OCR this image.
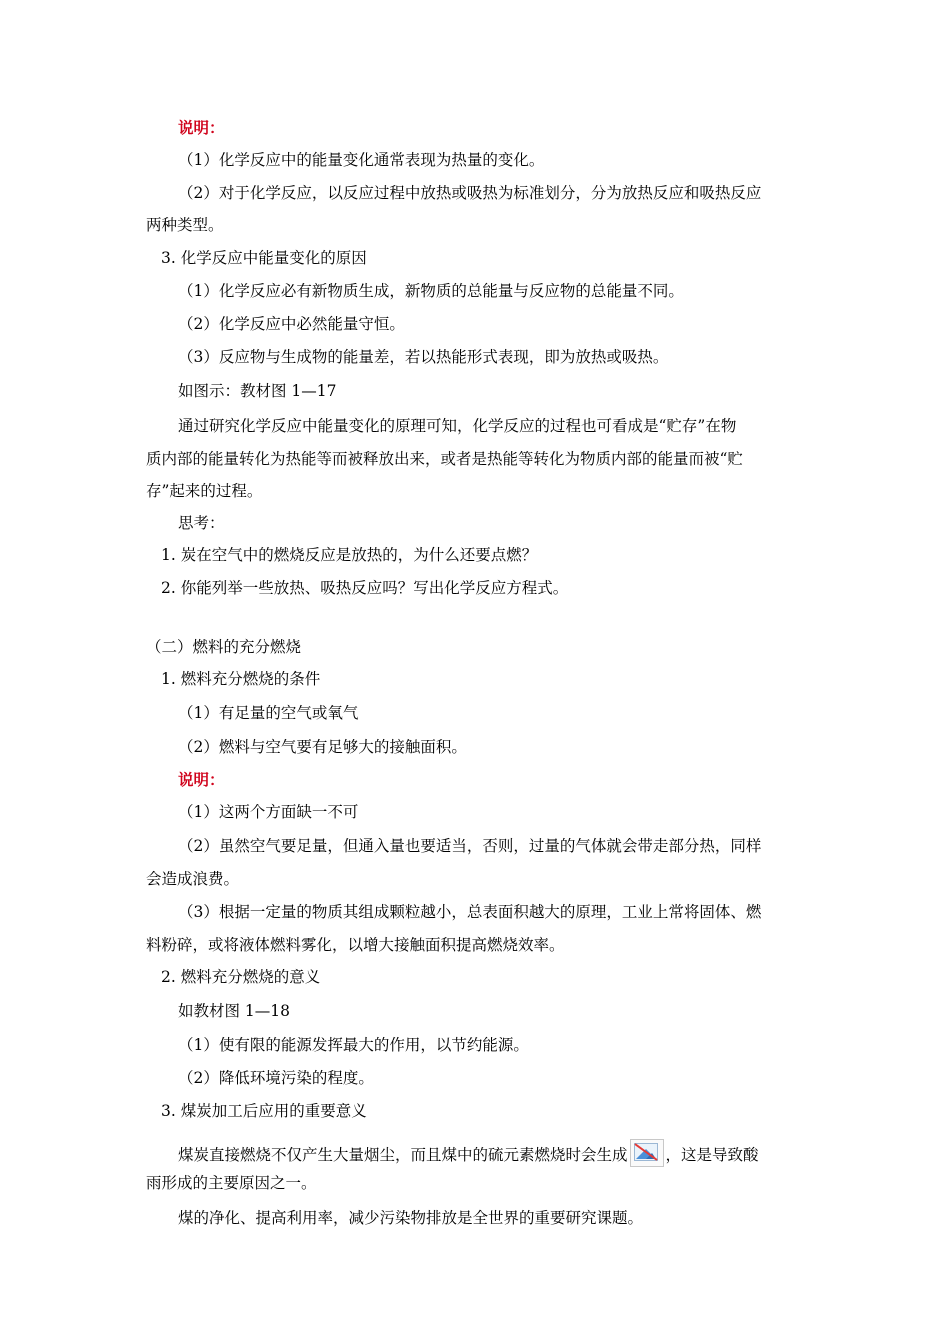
说明：
（1）化学反应中的能量变化通常表现为热量的变化。
（2）对于化学反应，以反应过程中放热或吸热为标准划分，分为放热反应和吸热反应
两种类型。
3. 化学反应中能量变化的原因
（1）化学反应必有新物质生成，新物质的总能量与反应物的总能量不同。
（2）化学反应中必然能量守恒。
（3）反应物与生成物的能量差，若以热能形式表现，即为放热或吸热。
如图示：教材图 1—17
通过研究化学反应中能量变化的原理可知，化学反应的过程也可看成是“贮存”在物
质内部的能量转化为热能等而被释放出来，或者是热能等转化为物质内部的能量而被“贮
存”起来的过程。
思考：
1. 炭在空气中的燃烧反应是放热的，为什么还要点燃？
2. 你能列举一些放热、吸热反应吗？写出化学反应方程式。
（二）燃料的充分燃烧
1. 燃料充分燃烧的条件
（1）有足量的空气或氧气
（2）燃料与空气要有足够大的接触面积。
说明：
（1）这两个方面缺一不可
（2）虽然空气要足量，但通入量也要适当，否则，过量的气体就会带走部分热，同样
会造成浪费。
（3）根据一定量的物质其组成颗粒越小，总表面积越大的原理，工业上常将固体、燃
料粉碎，或将液体燃料雾化，以增大接触面积提高燃烧效率。
2. 燃料充分燃烧的意义
如教材图 1—18
（1）使有限的能源发挥最大的作用，以节约能源。
（2）降低环境污染的程度。
3. 煤炭加工后应用的重要意义
煤炭直接燃烧不仅产生大量烟尘，而且煤中的硫元素燃烧时会生成 ，这是导致酸
雨形成的主要原因之一。
煤的净化、提高利用率，减少污染物排放是全世界的重要研究课题。
